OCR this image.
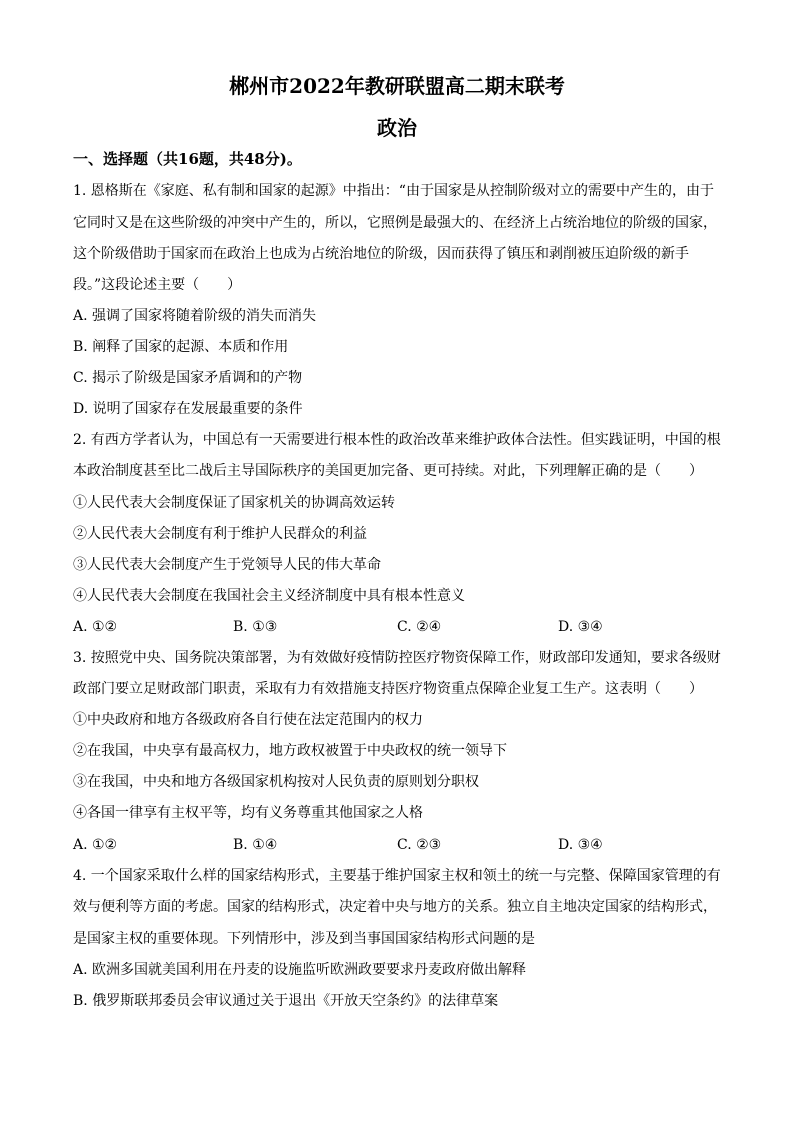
郴州市2022年教研联盟高二期末联考
政治
一、选择题（共16题，共48分)。
1. 恩格斯在《家庭、私有制和国家的起源》中指出：“由于国家是从控制阶级对立的需要中产生的，由于
它同时又是在这些阶级的冲突中产生的，所以，它照例是最强大的、在经济上占统治地位的阶级的国家，
这个阶级借助于国家而在政治上也成为占统治地位的阶级，因而获得了镇压和剥削被压迫阶级的新手
段。”这段论述主要（　　）
A. 强调了国家将随着阶级的消失而消失
B. 阐释了国家的起源、本质和作用
C. 揭示了阶级是国家矛盾调和的产物
D. 说明了国家存在发展最重要的条件
2. 有西方学者认为，中国总有一天需要进行根本性的政治改革来维护政体合法性。但实践证明，中国的根
本政治制度甚至比二战后主导国际秩序的美国更加完备、更可持续。对此，下列理解正确的是（　　）
①人民代表大会制度保证了国家机关的协调高效运转
②人民代表大会制度有利于维护人民群众的利益
③人民代表大会制度产生于党领导人民的伟大革命
④人民代表大会制度在我国社会主义经济制度中具有根本性意义
A. ①②	B. ①③	C. ②④	D. ③④
3. 按照党中央、国务院决策部署，为有效做好疫情防控医疗物资保障工作，财政部印发通知，要求各级财
政部门要立足财政部门职责，采取有力有效措施支持医疗物资重点保障企业复工生产。这表明（　　）
①中央政府和地方各级政府各自行使在法定范围内的权力
②在我国，中央享有最高权力，地方政权被置于中央政权的统一领导下
③在我国，中央和地方各级国家机构按对人民负责的原则划分职权
④各国一律享有主权平等，均有义务尊重其他国家之人格
A. ①②	B. ①④	C. ②③	D. ③④
4. 一个国家采取什么样的国家结构形式，主要基于维护国家主权和领土的统一与完整、保障国家管理的有
效与便利等方面的考虑。国家的结构形式，决定着中央与地方的关系。独立自主地决定国家的结构形式，
是国家主权的重要体现。下列情形中，涉及到当事国国家结构形式问题的是
A. 欧洲多国就美国利用在丹麦的设施监听欧洲政要要求丹麦政府做出解释
B. 俄罗斯联邦委员会审议通过关于退出《开放天空条约》的法律草案
